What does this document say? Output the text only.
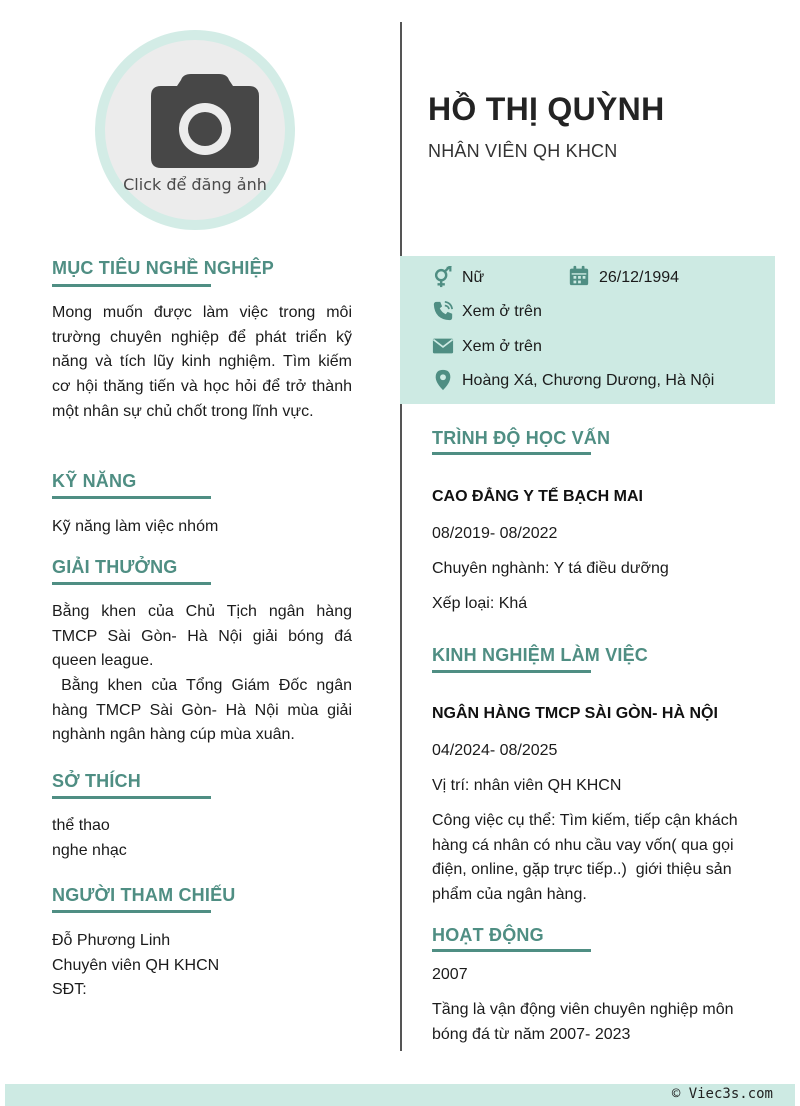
Click để đăng ảnh
MỤC TIÊU NGHỀ NGHIỆP
Mong muốn được làm việc trong môi trường chuyên nghiệp để phát triển kỹ năng và tích lũy kinh nghiệm. Tìm kiếm cơ hội thăng tiến và học hỏi để trở thành một nhân sự chủ chốt trong lĩnh vực.
KỸ NĂNG
Kỹ năng làm việc nhóm
GIẢI THƯỞNG
Bằng khen của Chủ Tịch ngân hàng TMCP Sài Gòn- Hà Nội giải bóng đá queen league.
Bằng khen của Tổng Giám Đốc ngân hàng TMCP Sài Gòn- Hà Nội mùa giải nghành ngân hàng cúp mùa xuân.
SỞ THÍCH
thể thao
nghe nhạc
NGƯỜI THAM CHIẾU
Đỗ Phương Linh
Chuyên viên QH KHCN
SĐT:
HỒ THỊ QUỲNH
NHÂN VIÊN QH KHCN
Nữ	26/12/1994
Xem ở trên
Xem ở trên
Hoàng Xá, Chương Dương, Hà Nội
TRÌNH ĐỘ HỌC VẤN
CAO ĐẲNG Y TẾ BẠCH MAI
08/2019- 08/2022
Chuyên nghành: Y tá điều dưỡng
Xếp loại: Khá
KINH NGHIỆM LÀM VIỆC
NGÂN HÀNG TMCP SÀI GÒN- HÀ NỘI
04/2024- 08/2025
Vị trí: nhân viên QH KHCN
Công việc cụ thể: Tìm kiếm, tiếp cận khách hàng cá nhân có nhu cầu vay vốn( qua gọi điện, online, gặp trực tiếp..)  giới thiệu sản phẩm của ngân hàng.
HOẠT ĐỘNG
2007
Tầng là vận động viên chuyên nghiệp môn bóng đá từ năm 2007- 2023
© Viec3s.com
